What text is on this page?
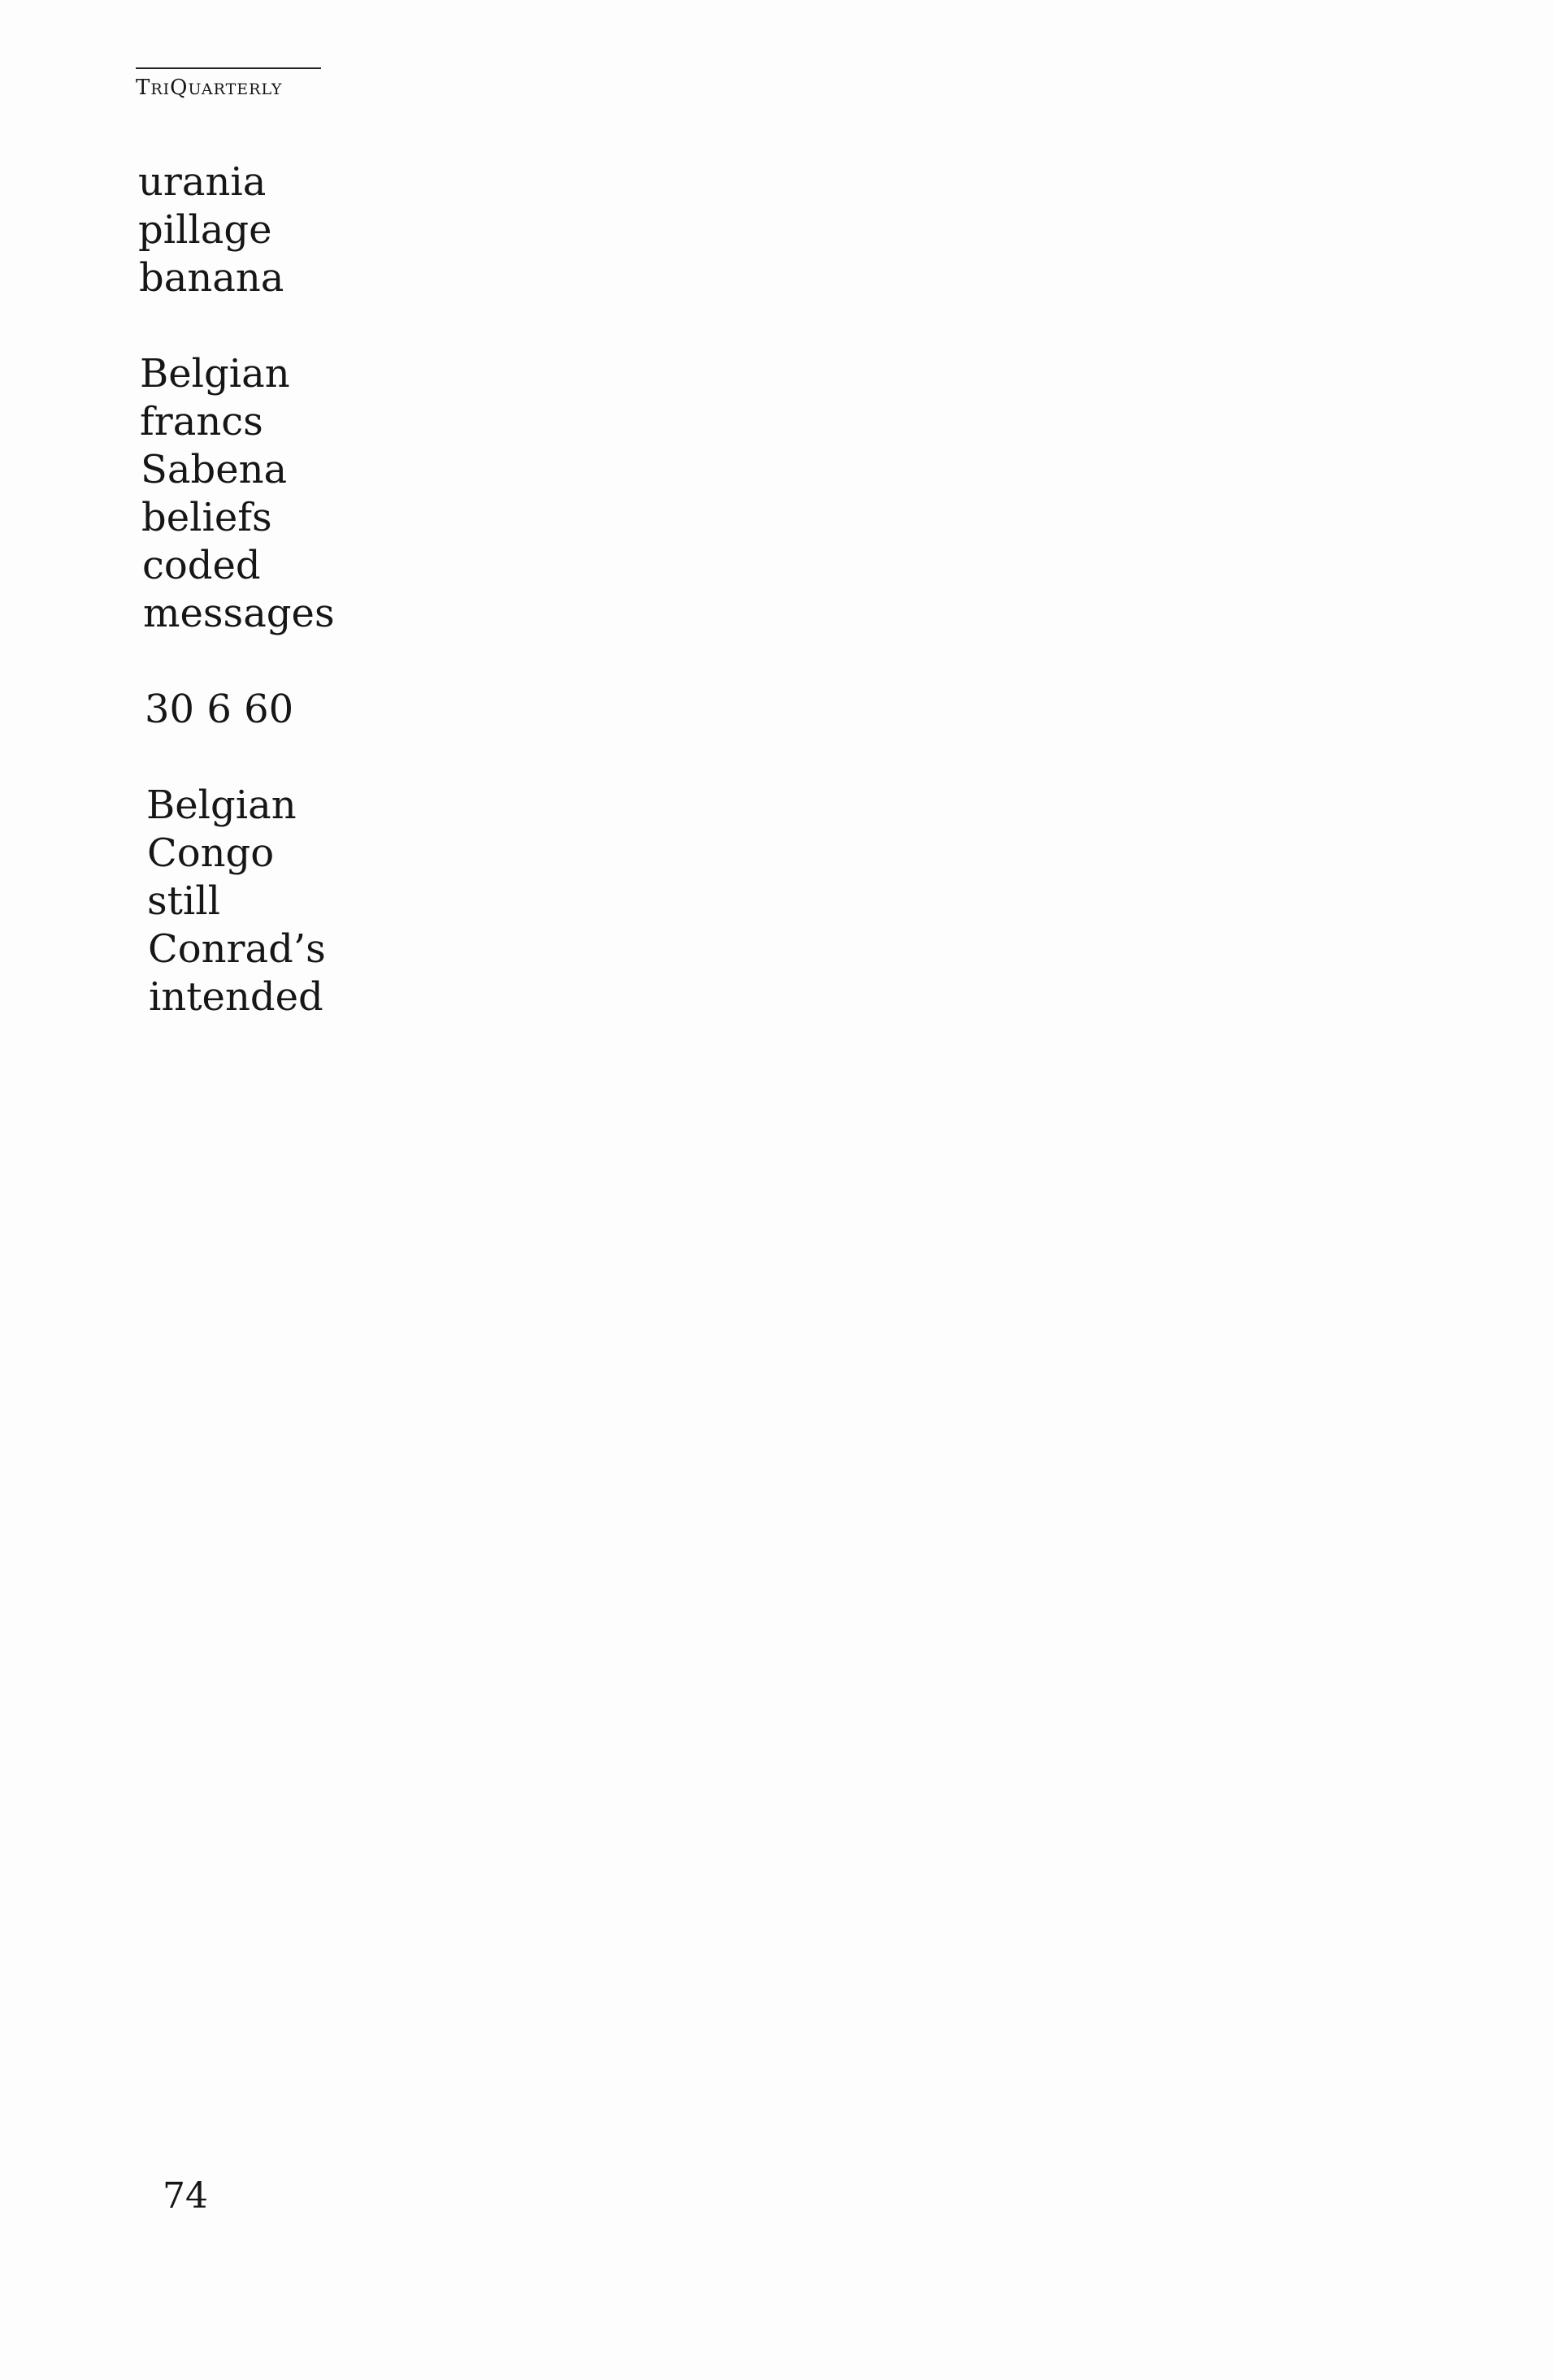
TRIQUARTERLY
urania
pillage
banana
Belgian
francs
Sabena
beliefs
coded
messages
30 6 60
Belgian
Congo
still
Conrad’s
intended
74
